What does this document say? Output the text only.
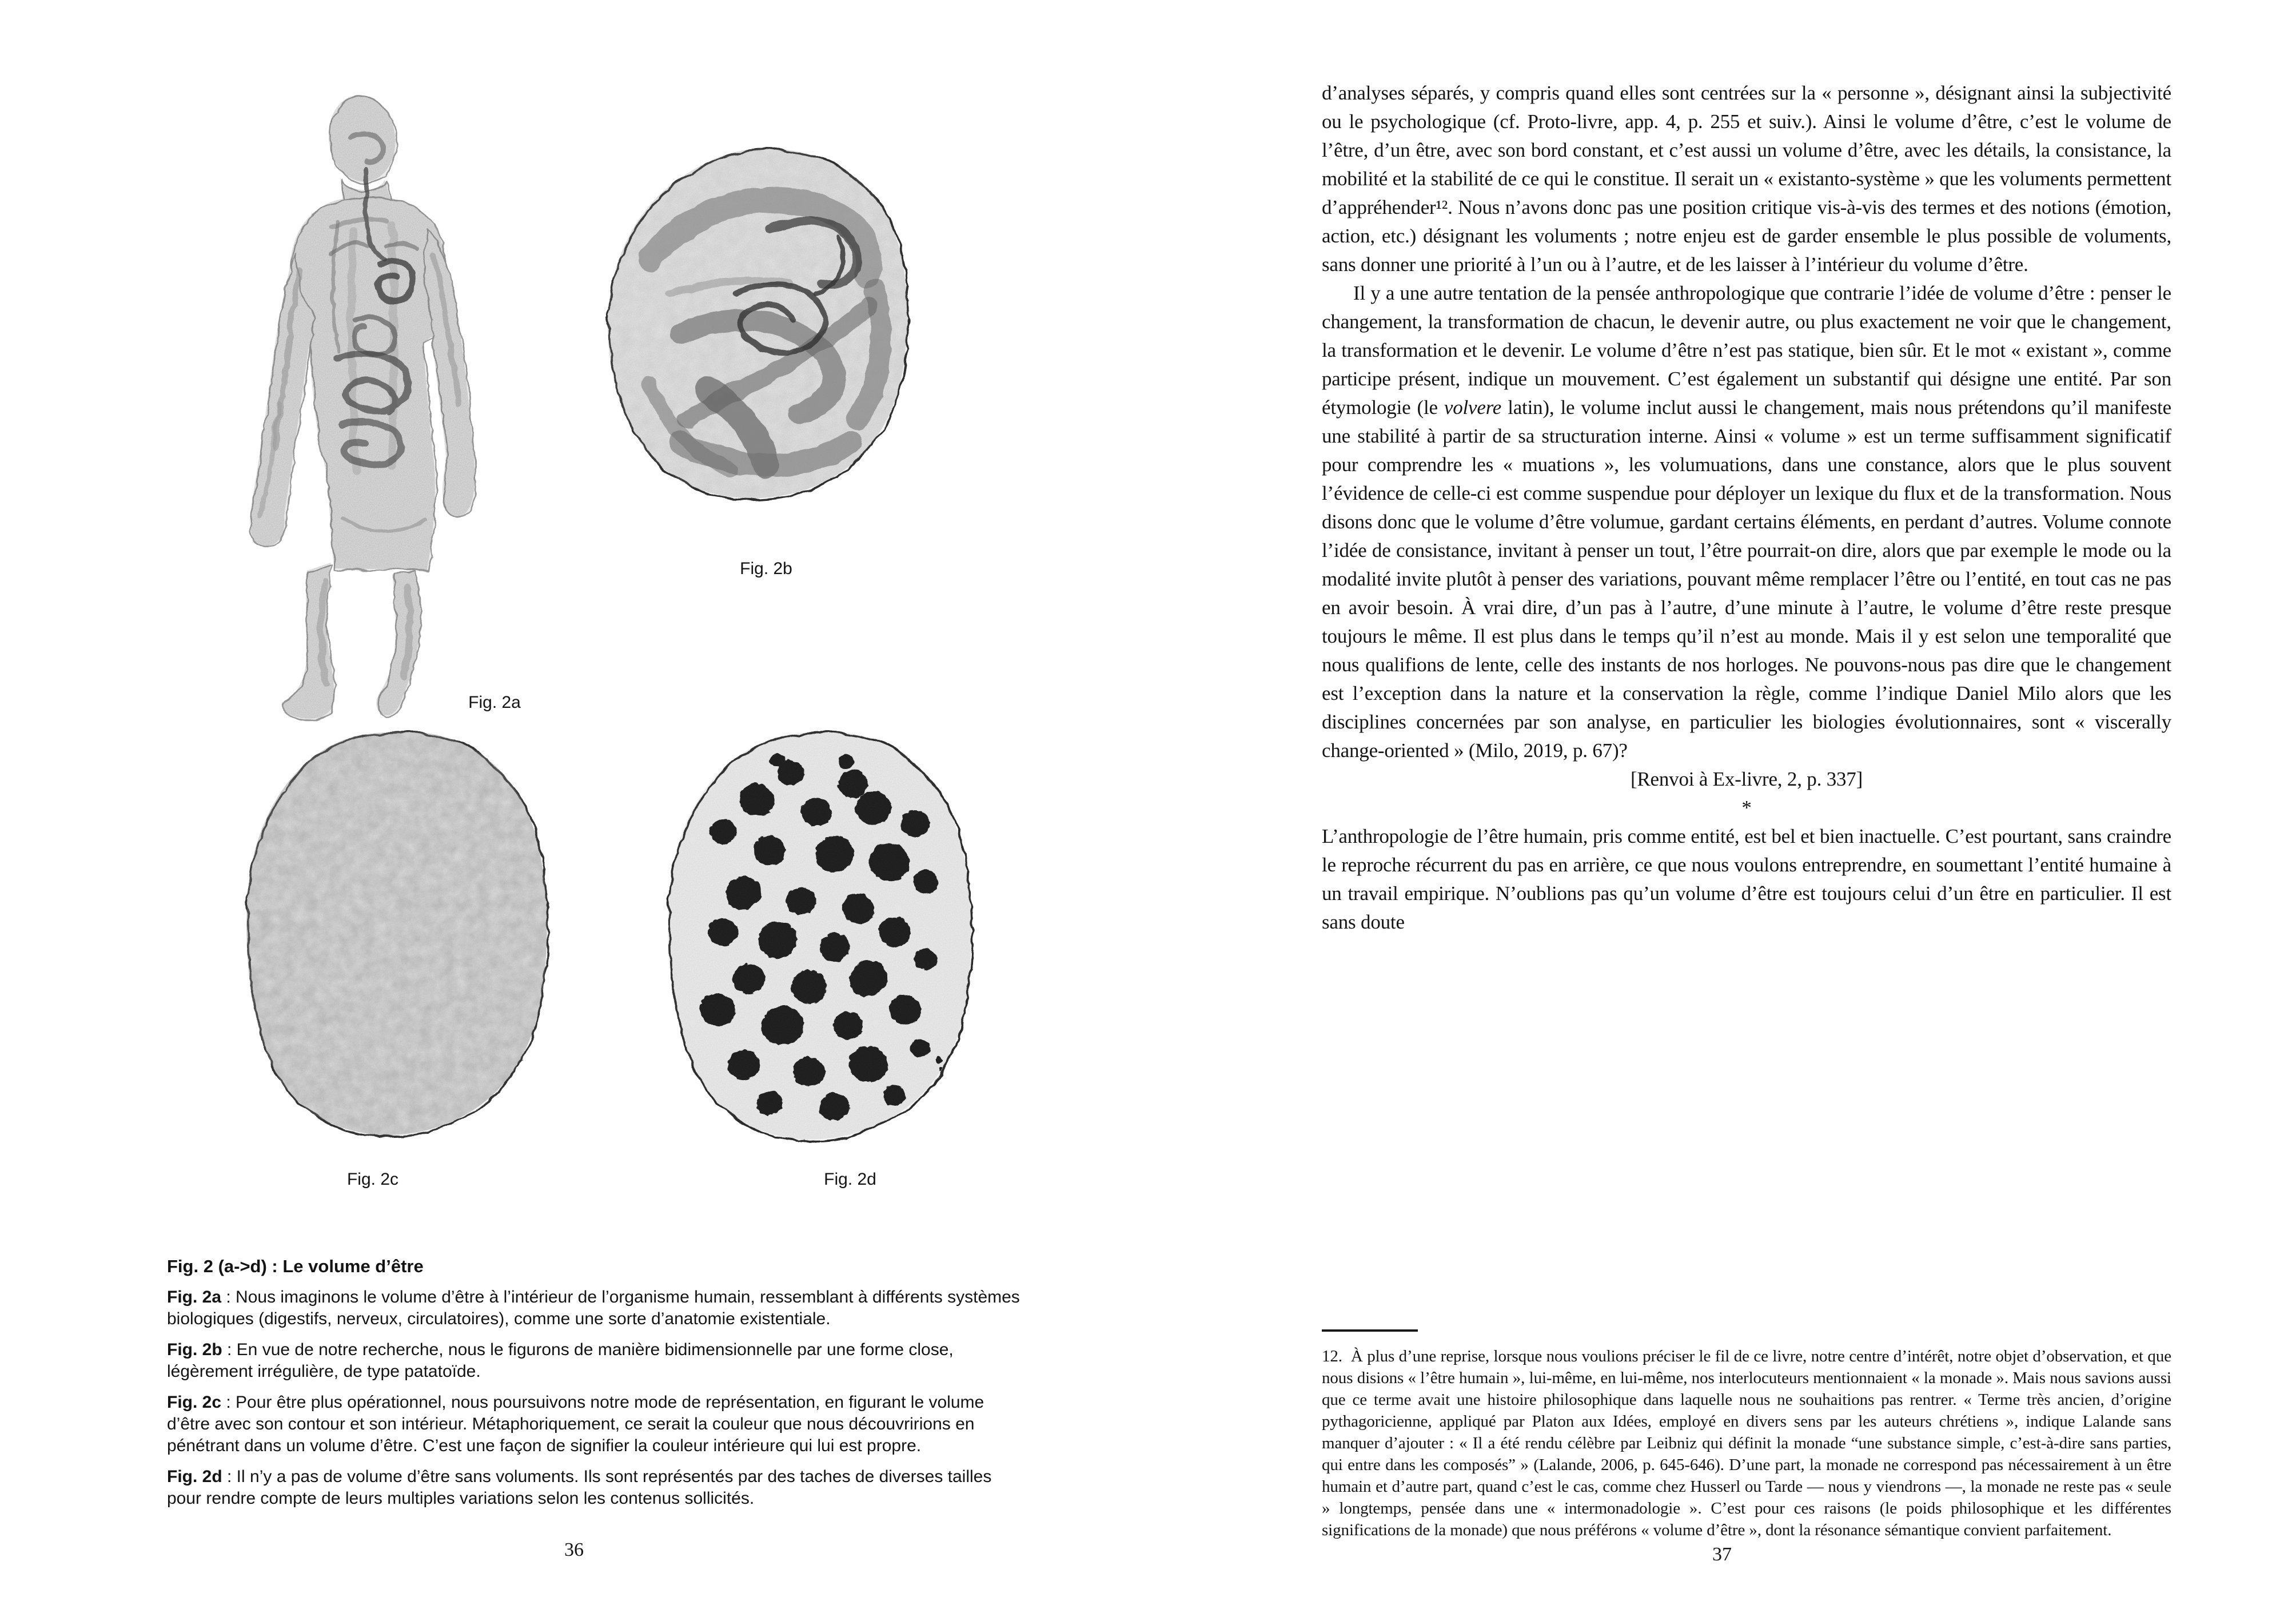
Fig. 2a
Fig. 2b
Fig. 2c	Fig. 2d

Fig. 2 (a->d) : Le volume d’être

Fig. 2a : Nous imaginons le volume d’être à l’intérieur de l’organisme humain, ressemblant à différents systèmes biologiques (digestifs, nerveux, circulatoires), comme une sorte d’anatomie existentiale.

Fig. 2b : En vue de notre recherche, nous le figurons de manière bidimensionnelle par une forme close, légèrement irrégulière, de type patatoïde.

Fig. 2c : Pour être plus opérationnel, nous poursuivons notre mode de représentation, en figurant le volume d’être avec son contour et son intérieur. Métaphoriquement, ce serait la couleur que nous découvririons en pénétrant dans un volume d’être. C’est une façon de signifier la couleur intérieure qui lui est propre.

Fig. 2d : Il n’y a pas de volume d’être sans voluments. Ils sont représentés par des taches de diverses tailles pour rendre compte de leurs multiples variations selon les contenus sollicités.

36

d’analyses séparés, y compris quand elles sont centrées sur la « personne », désignant ainsi la subjectivité ou le psychologique (cf. Proto-livre, app. 4, p. 255 et suiv.). Ainsi le volume d’être, c’est le volume de l’être, d’un être, avec son bord constant, et c’est aussi un volume d’être, avec les détails, la consistance, la mobilité et la stabilité de ce qui le constitue. Il serait un « existanto-système » que les voluments permettent d’appréhender¹². Nous n’avons donc pas une position critique vis-à-vis des termes et des notions (émotion, action, etc.) désignant les voluments ; notre enjeu est de garder ensemble le plus possible de voluments, sans donner une priorité à l’un ou à l’autre, et de les laisser à l’intérieur du volume d’être.

Il y a une autre tentation de la pensée anthropologique que contrarie l’idée de volume d’être : penser le changement, la transformation de chacun, le devenir autre, ou plus exactement ne voir que le changement, la transformation et le devenir. Le volume d’être n’est pas statique, bien sûr. Et le mot « existant », comme participe présent, indique un mouvement. C’est également un substantif qui désigne une entité. Par son étymologie (le volvere latin), le volume inclut aussi le changement, mais nous prétendons qu’il manifeste une stabilité à partir de sa structuration interne. Ainsi « volume » est un terme suffisamment significatif pour comprendre les « muations », les volumuations, dans une constance, alors que le plus souvent l’évidence de celle-ci est comme suspendue pour déployer un lexique du flux et de la transformation. Nous disons donc que le volume d’être volumue, gardant certains éléments, en perdant d’autres. Volume connote l’idée de consistance, invitant à penser un tout, l’être pourrait-on dire, alors que par exemple le mode ou la modalité invite plutôt à penser des variations, pouvant même remplacer l’être ou l’entité, en tout cas ne pas en avoir besoin. À vrai dire, d’un pas à l’autre, d’une minute à l’autre, le volume d’être reste presque toujours le même. Il est plus dans le temps qu’il n’est au monde. Mais il y est selon une temporalité que nous qualifions de lente, celle des instants de nos horloges. Ne pouvons-nous pas dire que le changement est l’exception dans la nature et la conservation la règle, comme l’indique Daniel Milo alors que les disciplines concernées par son analyse, en particulier les biologies évolutionnaires, sont « viscerally change-oriented » (Milo, 2019, p. 67)?

[Renvoi à Ex-livre, 2, p. 337]

*

L’anthropologie de l’être humain, pris comme entité, est bel et bien inactuelle. C’est pourtant, sans craindre le reproche récurrent du pas en arrière, ce que nous voulons entreprendre, en soumettant l’entité humaine à un travail empirique. N’oublions pas qu’un volume d’être est toujours celui d’un être en particulier. Il est sans doute

12.  À plus d’une reprise, lorsque nous voulions préciser le fil de ce livre, notre centre d’intérêt, notre objet d’observation, et que nous disions « l’être humain », lui-même, en lui-même, nos interlocuteurs mentionnaient « la monade ». Mais nous savions aussi que ce terme avait une histoire philosophique dans laquelle nous ne souhaitions pas rentrer. « Terme très ancien, d’origine pythagoricienne, appliqué par Platon aux Idées, employé en divers sens par les auteurs chrétiens », indique Lalande sans manquer d’ajouter : « Il a été rendu célèbre par Leibniz qui définit la monade “une substance simple, c’est-à-dire sans parties, qui entre dans les composés” » (Lalande, 2006, p. 645-646). D’une part, la monade ne correspond pas nécessairement à un être humain et d’autre part, quand c’est le cas, comme chez Husserl ou Tarde — nous y viendrons —, la monade ne reste pas « seule » longtemps, pensée dans une « intermonadologie ». C’est pour ces raisons (le poids philosophique et les différentes significations de la monade) que nous préférons « volume d’être », dont la résonance sémantique convient parfaitement.

37
